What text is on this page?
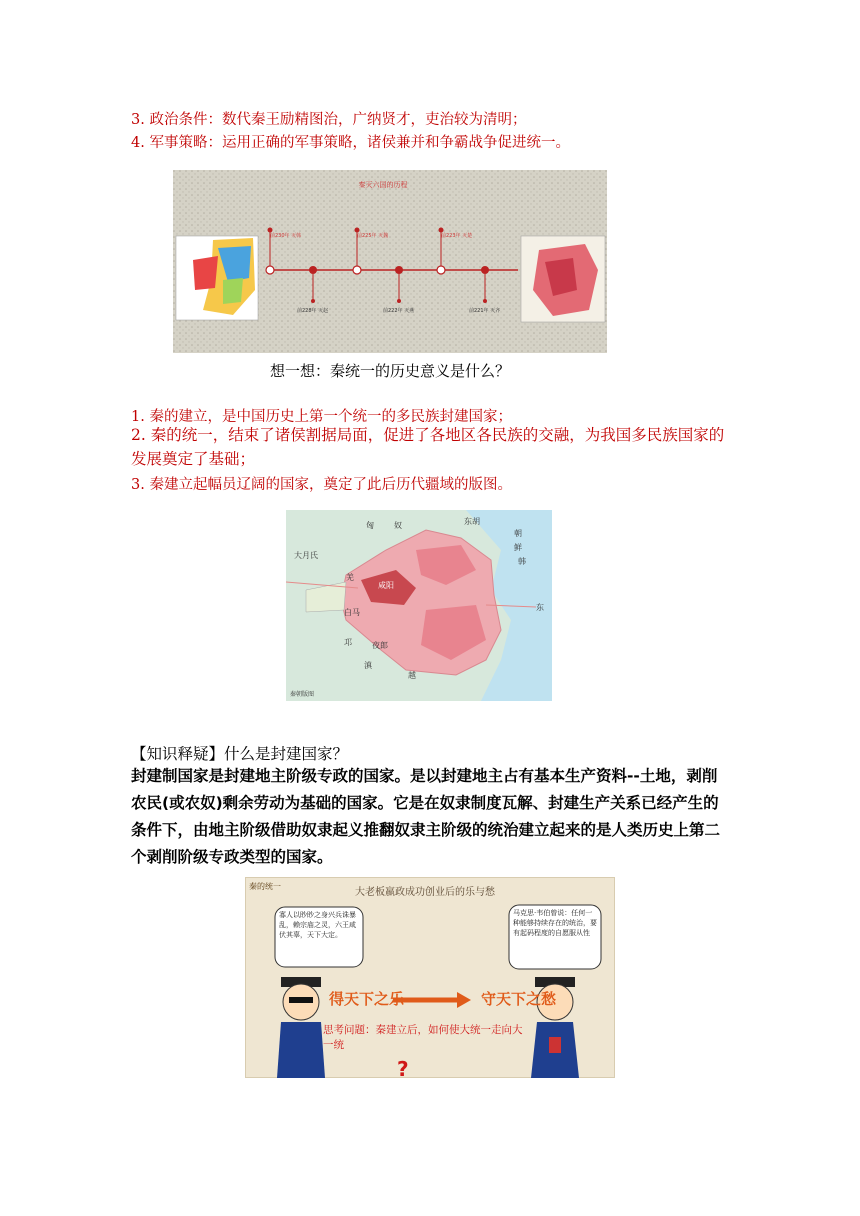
3. 政治条件：数代秦王励精图治，广纳贤才，吏治较为清明；
4. 军事策略：运用正确的军事策略，诸侯兼并和争霸战争促进统一。
秦灭六国的历程
前230年 灭韩	前225年 灭魏	前223年 灭楚
前228年 灭赵	前222年 灭燕	前221年 灭齐
想一想：秦统一的历史意义是什么？
1. 秦的建立，是中国历史上第一个统一的多民族封建国家；
2. 秦的统一，结束了诸侯割据局面，促进了各地区各民族的交融，为我国多民族国家的发展奠定了基础；
3. 秦建立起幅员辽阔的国家，奠定了此后历代疆域的版图。
匈	奴	东胡
朝
鲜
韩
大月氏
羌
咸阳
白马
邛	夜郎
滇
越
东
秦朝版图
【知识释疑】什么是封建国家？
封建制国家是封建地主阶级专政的国家。是以封建地主占有基本生产资料--土地，剥削农民(或农奴)剩余劳动为基础的国家。它是在奴隶制度瓦解、封建生产关系已经产生的条件下，由地主阶级借助奴隶起义推翻奴隶主阶级的统治建立起来的是人类历史上第二个剥削阶级专政类型的国家。
秦的统一
大老板嬴政成功创业后的乐与愁
寡人以眇眇之身兴兵诛暴乱，赖宗庙之灵，六王咸伏其辜，天下大定。
马克思·韦伯曾说：任何一种能够持续存在的统治，要有起码程度的自愿服从性
得天下之乐	守天下之愁
思考问题：秦建立后，如何使大统一走向大一统
?
